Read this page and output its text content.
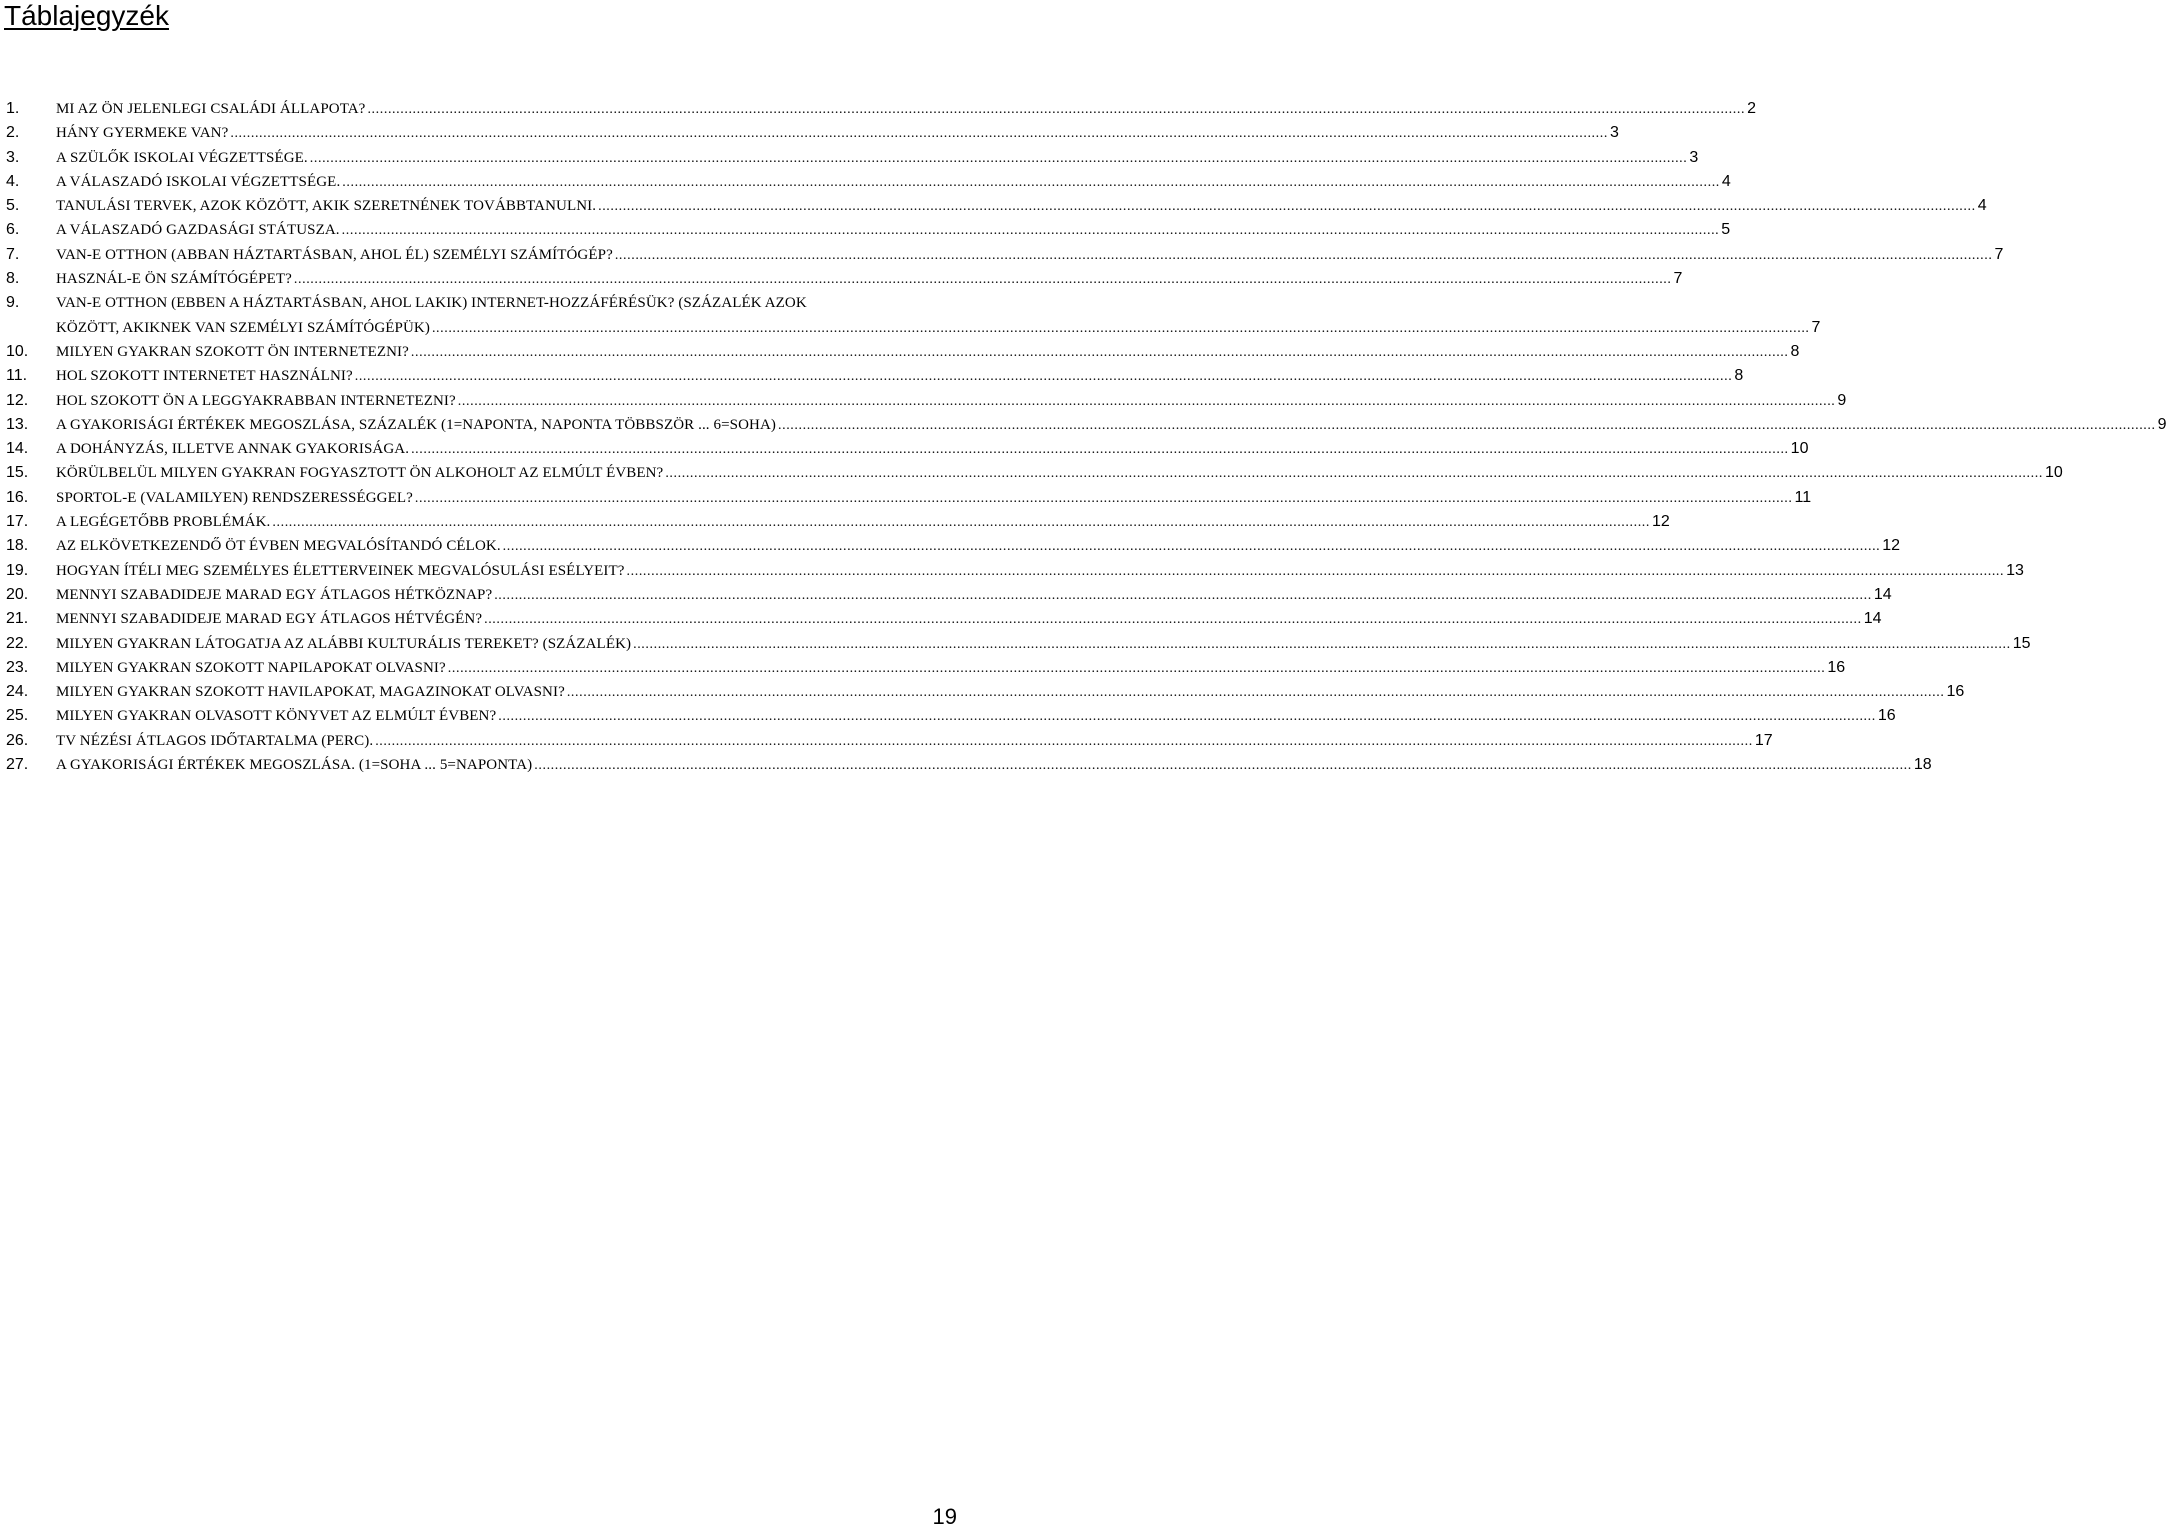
Táblajegyzék
1.	MI AZ ÖN JELENLEGI CSALÁDI ÁLLAPOTA? .....	2
2.	HÁNY GYERMEKE VAN? .....	3
3.	A SZÜLŐK ISKOLAI VÉGZETTSÉGE. .....	3
4.	A VÁLASZADÓ ISKOLAI VÉGZETTSÉGE. .....	4
5.	TANULÁSI TERVEK, AZOK KÖZÖTT, AKIK SZERETNÉNEK TOVÁBBTANULNI. .....	4
6.	A VÁLASZADÓ GAZDASÁGI STÁTUSZA. .....	5
7.	VAN-E OTTHON (ABBAN HÁZTARTÁSBAN, AHOL ÉL) SZEMÉLYI SZÁMÍTÓGÉP? .....	7
8.	HASZNÁL-E ÖN SZÁMÍTÓGÉPET? .....	7
9.	VAN-E OTTHON (EBBEN A HÁZTARTÁSBAN, AHOL LAKIK) INTERNET-HOZZÁFÉRÉSÜK? (SZÁZALÉK AZOK
KÖZÖTT, AKIKNEK VAN SZEMÉLYI SZÁMÍTÓGÉPÜK) .....	7
10.	MILYEN GYAKRAN SZOKOTT ÖN INTERNETEZNI? .....	8
11.	HOL SZOKOTT INTERNETET HASZNÁLNI? .....	8
12.	HOL SZOKOTT ÖN A LEGGYAKRABBAN INTERNETEZNI? .....	9
13.	A GYAKORISÁGI ÉRTÉKEK MEGOSZLÁSA, SZÁZALÉK (1=NAPONTA, NAPONTA TÖBBSZÖR ... 6=SOHA) .....	9
14.	A DOHÁNYZÁS, ILLETVE ANNAK GYAKORISÁGA. .....	10
15.	KÖRÜLBELÜL MILYEN GYAKRAN FOGYASZTOTT ÖN ALKOHOLT AZ ELMÚLT ÉVBEN? .....	10
16.	SPORTOL-E (VALAMILYEN) RENDSZERESSÉGGEL? .....	11
17.	A LEGÉGETŐBB PROBLÉMÁK. .....	12
18.	AZ ELKÖVETKEZENDŐ ÖT ÉVBEN MEGVALÓSÍTANDÓ CÉLOK. .....	12
19.	HOGYAN ÍTÉLI MEG SZEMÉLYES ÉLETTERVEINEK MEGVALÓSULÁSI ESÉLYEIT? .....	13
20.	MENNYI SZABADIDEJE MARAD EGY ÁTLAGOS HÉTKÖZNAP? .....	14
21.	MENNYI SZABADIDEJE MARAD EGY ÁTLAGOS HÉTVÉGÉN? .....	14
22.	MILYEN GYAKRAN LÁTOGATJA AZ ALÁBBI KULTURÁLIS TEREKET? (SZÁZALÉK) .....	15
23.	MILYEN GYAKRAN SZOKOTT NAPILAPOKAT OLVASNI? .....	16
24.	MILYEN GYAKRAN SZOKOTT HAVILAPOKAT, MAGAZINOKAT OLVASNI? .....	16
25.	MILYEN GYAKRAN OLVASOTT KÖNYVET AZ ELMÚLT ÉVBEN? .....	16
26.	TV NÉZÉSI ÁTLAGOS IDŐTARTALMA (PERC). .....	17
27.	A GYAKORISÁGI ÉRTÉKEK MEGOSZLÁSA. (1=SOHA ... 5=NAPONTA) .....	18
19
